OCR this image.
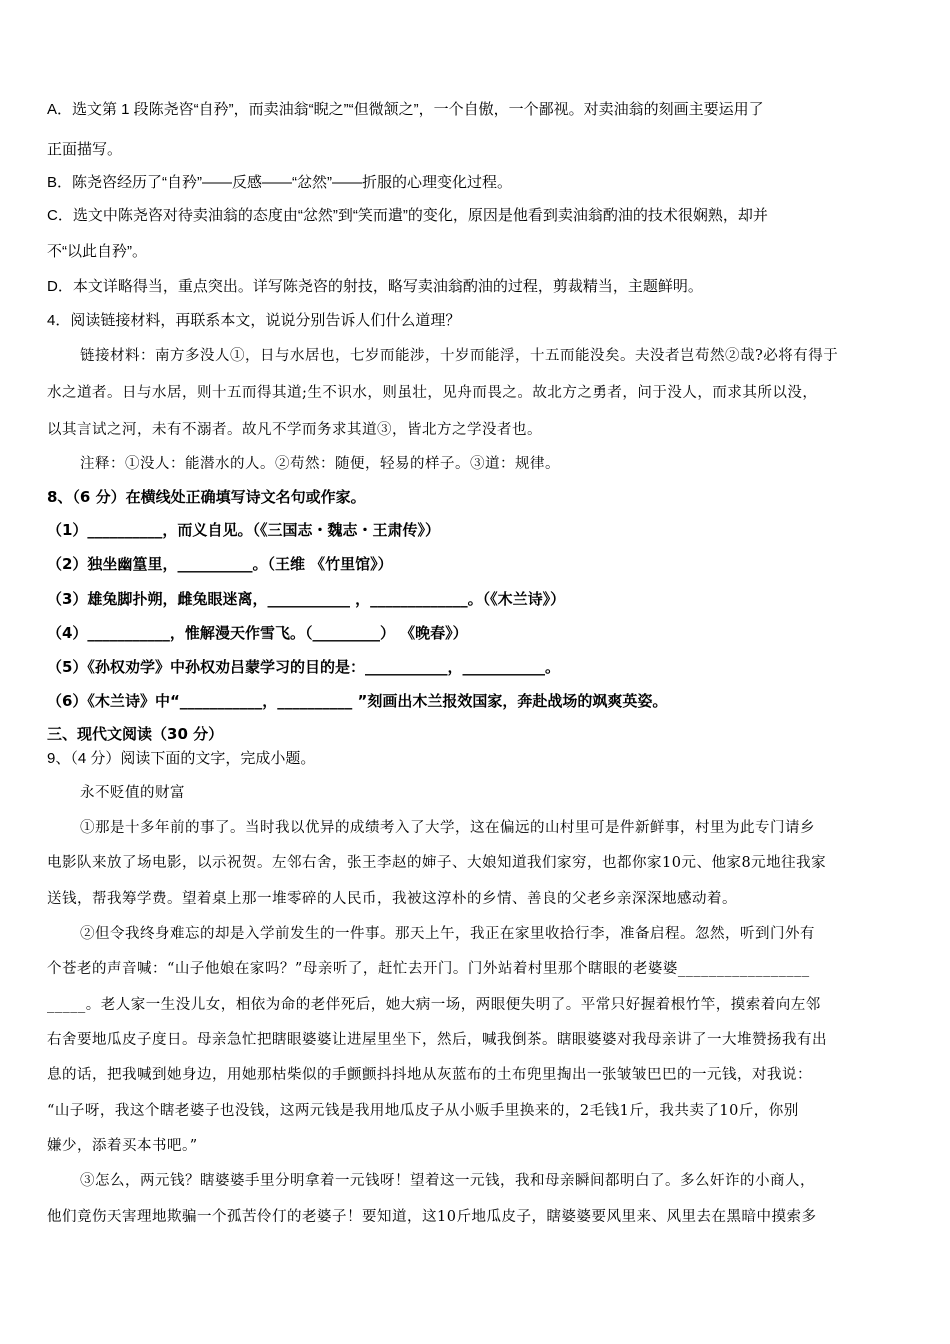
A．选文第 1 段陈尧咨“自矜”，而卖油翁“睨之”“但微颔之”，一个自傲，一个鄙视。对卖油翁的刻画主要运用了
正面描写。
B．陈尧咨经历了“自矜”——反感——“忿然”——折服的心理变化过程。
C．选文中陈尧咨对待卖油翁的态度由“忿然”到“笑而遣”的变化，原因是他看到卖油翁酌油的技术很娴熟，却并
不“以此自矜”。
D．本文详略得当，重点突出。详写陈尧咨的射技，略写卖油翁酌油的过程，剪裁精当，主题鲜明。
4．阅读链接材料，再联系本文，说说分别告诉人们什么道理？
链接材料：南方多没人①，日与水居也，七岁而能涉，十岁而能浮，十五而能没矣。夫没者岂苟然②哉?必将有得于
水之道者。日与水居，则十五而得其道;生不识水，则虽壮，见舟而畏之。故北方之勇者，问于没人，而求其所以没，
以其言试之河，未有不溺者。故凡不学而务求其道③，皆北方之学没者也。
注释：①没人：能潜水的人。②苟然：随便，轻易的样子。③道：规律。
8、（6 分）在横线处正确填写诗文名句或作家。
（1）__________，而义自见。（《三国志・魏志・王肃传》）
（2）独坐幽篁里，__________。（王维 《竹里馆》）
（3）雄兔脚扑朔，雌兔眼迷离，___________ ，_____________。（《木兰诗》）
（4）___________，惟解漫天作雪飞。（_________） 《晚春》）
（5）《孙权劝学》中孙权劝吕蒙学习的目的是：___________，___________。
（6）《木兰诗》中“___________，__________ ”刻画出木兰报效国家，奔赴战场的飒爽英姿。
三、现代文阅读（30 分）
9、（4 分）阅读下面的文字，完成小题。
永不贬值的财富
①那是十多年前的事了。当时我以优异的成绩考入了大学，这在偏远的山村里可是件新鲜事，村里为此专门请乡
电影队来放了场电影，以示祝贺。左邻右舍，张王李赵的婶子、大娘知道我们家穷，也都你家10元、他家8元地往我家
送钱，帮我筹学费。望着桌上那一堆零碎的人民币，我被这淳朴的乡情、善良的父老乡亲深深地感动着。
②但令我终身难忘的却是入学前发生的一件事。那天上午，我正在家里收拾行李，准备启程。忽然，听到门外有
个苍老的声音喊：“山子他娘在家吗？”母亲听了，赶忙去开门。门外站着村里那个瞎眼的老婆婆_________________
_____。老人家一生没儿女，相依为命的老伴死后，她大病一场，两眼便失明了。平常只好握着根竹竿，摸索着向左邻
右舍要地瓜皮子度日。母亲急忙把瞎眼婆婆让进屋里坐下，然后，喊我倒茶。瞎眼婆婆对我母亲讲了一大堆赞扬我有出
息的话，把我喊到她身边，用她那枯柴似的手颤颤抖抖地从灰蓝布的土布兜里掏出一张皱皱巴巴的一元钱，对我说：
“山子呀，我这个瞎老婆子也没钱，这两元钱是我用地瓜皮子从小贩手里换来的，2毛钱1斤，我共卖了10斤，你别
嫌少，添着买本书吧。”
③怎么，两元钱？瞎婆婆手里分明拿着一元钱呀！望着这一元钱，我和母亲瞬间都明白了。多么奸诈的小商人，
他们竟伤天害理地欺骗一个孤苦伶仃的老婆子！要知道，这10斤地瓜皮子，瞎婆婆要风里来、风里去在黑暗中摸索多
